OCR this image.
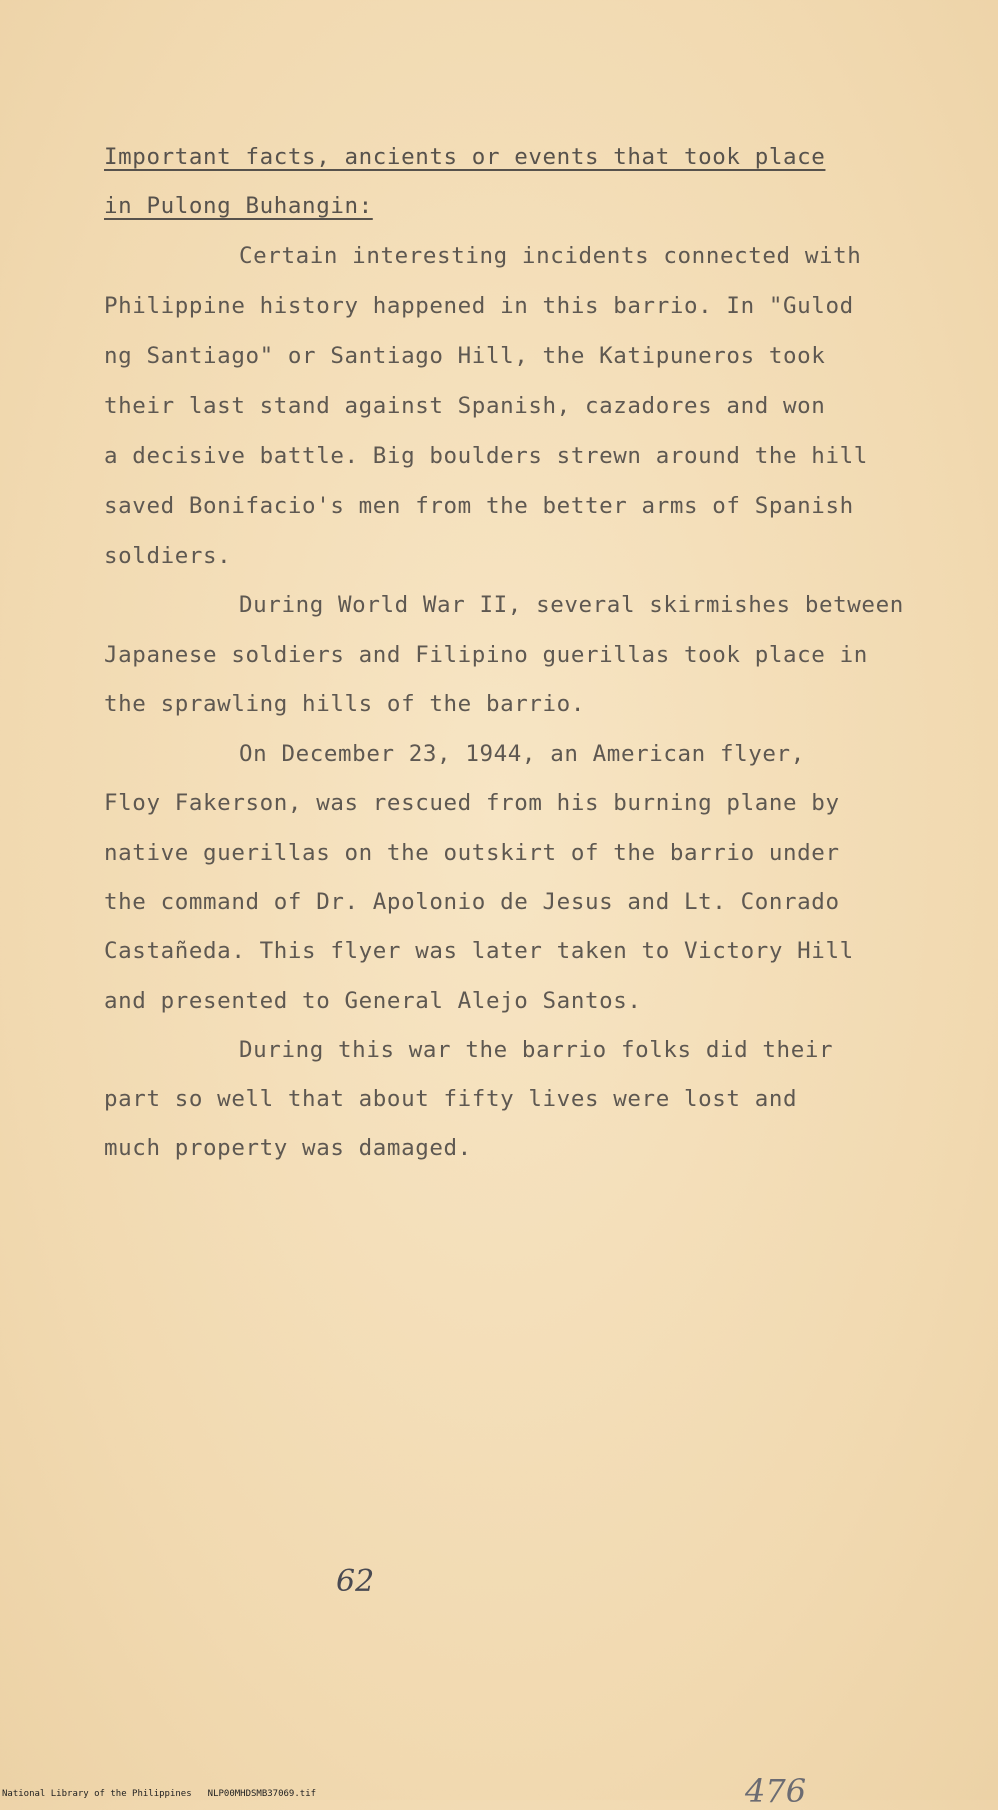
Important facts, ancients or events that took place
in Pulong Buhangin:
Certain interesting incidents connected with
Philippine history happened in this barrio. In "Gulod
ng Santiago" or Santiago Hill, the Katipuneros took
their last stand against Spanish, cazadores and won
a decisive battle. Big boulders strewn around the hill
saved Bonifacio's men from the better arms of Spanish
soldiers.
During World War II, several skirmishes between
Japanese soldiers and Filipino guerillas took place in
the sprawling hills of the barrio.
On December 23, 1944, an American flyer,
Floy Fakerson, was rescued from his burning plane by
native guerillas on the outskirt of the barrio under
the command of Dr. Apolonio de Jesus and Lt. Conrado
Castañeda. This flyer was later taken to Victory Hill
and presented to General Alejo Santos.
During this war the barrio folks did their
part so well that about fifty lives were lost and
much property was damaged.
62
476
National Library of the Philippines NLP00MHDSMB37069.tif
